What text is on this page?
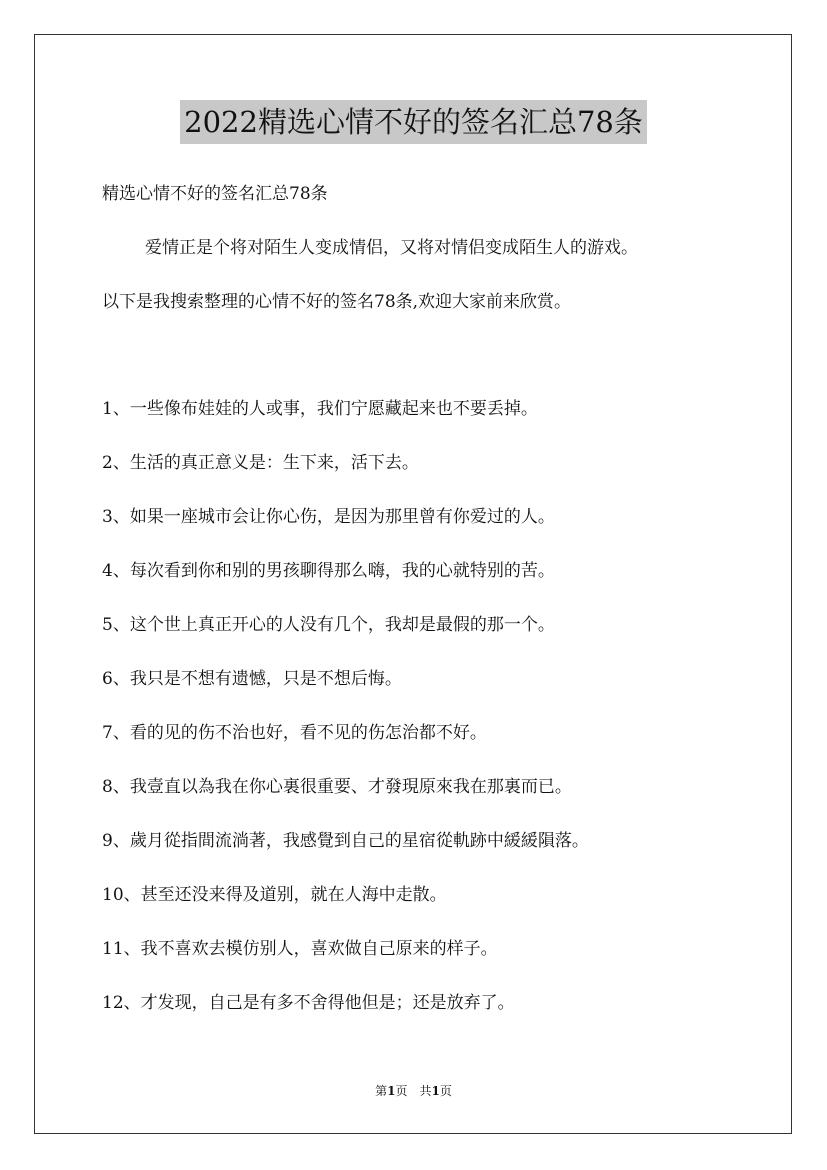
2022精选心情不好的签名汇总78条
精选心情不好的签名汇总78条
爱情正是个将对陌生人变成情侣，又将对情侣变成陌生人的游戏。
以下是我搜索整理的心情不好的签名78条,欢迎大家前来欣赏。
1、一些像布娃娃的人或事，我们宁愿藏起来也不要丢掉。
2、生活的真正意义是：生下来，活下去。
3、如果一座城市会让你心伤，是因为那里曾有你爱过的人。
4、每次看到你和别的男孩聊得那么嗨，我的心就特别的苦。
5、这个世上真正开心的人没有几个，我却是最假的那一个。
6、我只是不想有遗憾，只是不想后悔。
7、看的见的伤不治也好，看不见的伤怎治都不好。
8、我壹直以為我在你心裏很重要、才發現原來我在那裏而已。
9、歲月從指間流淌著，我感覺到自己的星宿從軌跡中緩緩隕落。
10、甚至还没来得及道别，就在人海中走散。
11、我不喜欢去模仿别人，喜欢做自己原来的样子。
12、才发现，自己是有多不舍得他但是；还是放弃了。
第1页 共1页
